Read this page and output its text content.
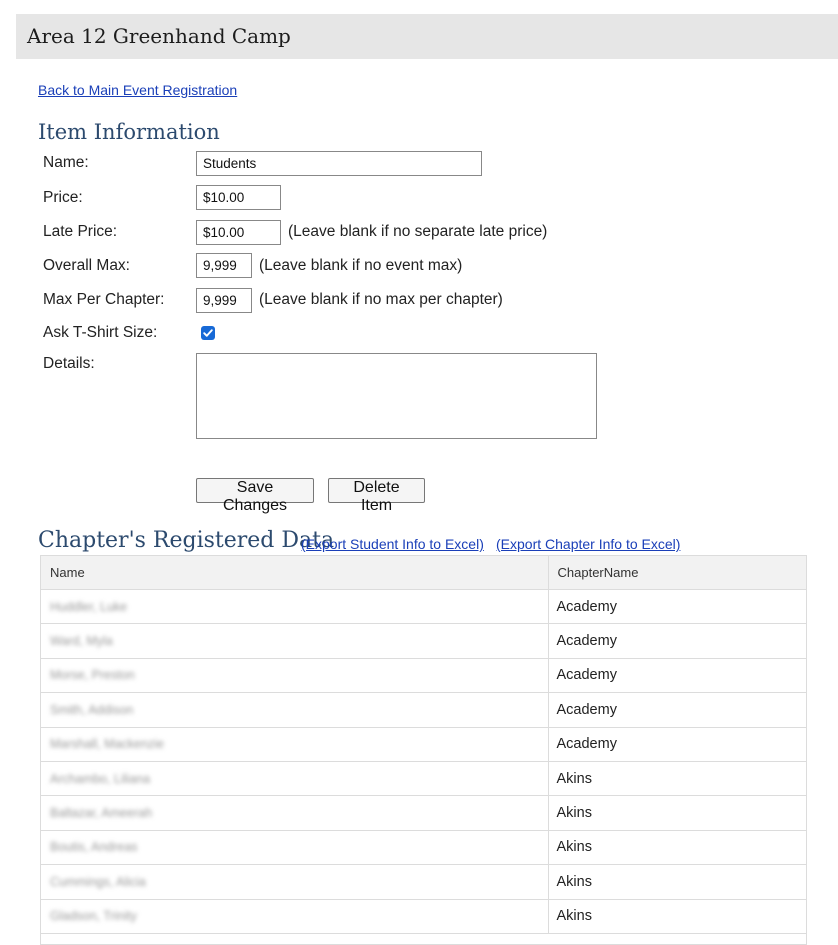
Area 12 Greenhand Camp
Back to Main Event Registration
Item Information
Name:
Students
Price:
$10.00
Late Price:
$10.00	(Leave blank if no separate late price)
Overall Max:
9,999	(Leave blank if no event max)
Max Per Chapter:
9,999	(Leave blank if no max per chapter)
Ask T-Shirt Size:
Details:
Save Changes
Delete Item
Chapter's Registered Data
(Export Student Info to Excel) (Export Chapter Info to Excel)
Name	ChapterName
Huddler, Luke	Academy
Ward, Myla	Academy
Morse, Preston	Academy
Smith, Addison	Academy
Marshall, Mackenzie	Academy
Archambo, Liliana	Akins
Baltazar, Ameerah	Akins
Boutis, Andreas	Akins
Cummings, Alicia	Akins
Gladson, Trinity	Akins
